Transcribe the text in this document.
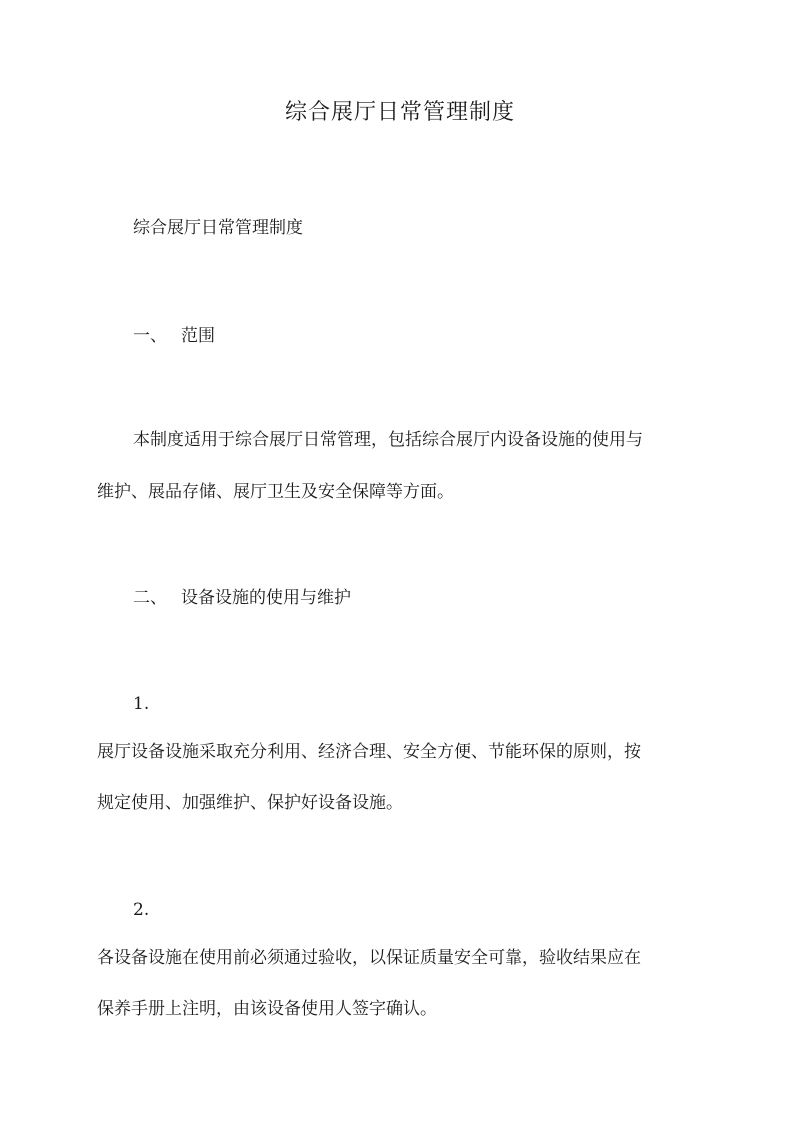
综合展厅日常管理制度

综合展厅日常管理制度

一、 范围

本制度适用于综合展厅日常管理，包括综合展厅内设备设施的使用与

维护、展品存储、展厅卫生及安全保障等方面。

二、 设备设施的使用与维护

1.

展厅设备设施采取充分利用、经济合理、安全方便、节能环保的原则，按

规定使用、加强维护、保护好设备设施。

2.

各设备设施在使用前必须通过验收，以保证质量安全可靠，验收结果应在

保养手册上注明，由该设备使用人签字确认。
